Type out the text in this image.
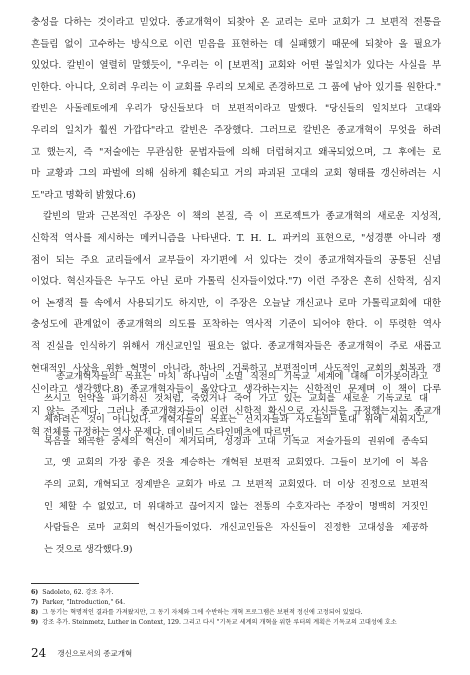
충성을 다하는 것이라고 믿었다. 종교개혁이 되찾아 온 교리는 로마 교회가 그 보편적 전통을
흔들림 없이 고수하는 방식으로 이런 믿음을 표현하는 데 실패했기 때문에 되찾아 올 필요가
있었다. 칼빈이 열렬히 말했듯이, "우리는 이 [보편적] 교회와 어떤 불일치가 있다는 사실을 부
인한다. 아니다, 오히려 우리는 이 교회를 우리의 모체로 존경하므로 그 품에 남아 있기를 원한다."
칼빈은 사돌레토에게 우리가 당신들보다 더 보편적이라고 말했다. "당신들의 일치보다 고대와
우리의 일치가 훨씬 가깝다"라고 칼빈은 주장했다. 그러므로 칼빈은 종교개혁이 무엇을 하려
고 했는지, 즉 "저술에는 무관심한 문법자들에 의해 더럽혀지고 왜곡되었으며, 그 후에는 로
마 교황과 그의 파벌에 의해 심하게 훼손되고 거의 파괴된 고대의 교회 형태를 갱신하려는 시
도"라고 명확히 밝혔다.6)
칼빈의 말과 근본적인 주장은 이 책의 본질, 즉 이 프로젝트가 종교개혁의 새로운 지성적,
신학적 역사를 제시하는 메커니즘을 나타낸다. T. H. L. 파커의 표현으로, "성경뿐 아니라 쟁
점이 되는 주요 교리들에서 교부들이 자기편에 서 있다는 것이 종교개혁자들의 공통된 신념
이었다. 혁신자들은 누구도 아닌 로마 가톨릭 신자들이었다."7) 이런 주장은 흔히 신학적, 심지
어 논쟁적 틀 속에서 사용되기도 하지만, 이 주장은 오늘날 개신교나 로마 가톨릭교회에 대한
충성도에 관계없이 종교개혁의 의도를 포착하는 역사적 기준이 되어야 한다. 이 뚜렷한 역사
적 진실을 인식하기 위해서 개신교인일 필요는 없다. 종교개혁자들은 종교개혁이 주로 새롭고
현대적인 사상을 위한 혁명이 아니라, 하나의 거룩하고 보편적이며 사도적인 교회의 회복과 갱
신이라고 생각했다.8) 종교개혁자들이 옳았다고 생각하는지는 신학적인 문제며 이 책이 다루
지 않는 주제다. 그러나 종교개혁자들이 이런 신학적 확신으로 자신들을 규정했는지는 종교개
혁 전체를 규정하는 역사 문제다. 데이비드 스타인메츠에 따르면,
종교개혁자들의 목표는 마치 하나님이 소멸 직전의 기독교 세계에 대해 이가봇이라고
쓰시고 언약을 파기하신 것처럼, 죽었거나 죽어 가고 있는 교회를 새로운 기독교로 대
체하려는 것이 아니었다. 개혁자들의 목표는 선지자들과 사도들의 토대 위에 세워지고,
복음을 왜곡한 중세의 혁신이 제거되며, 성경과 고대 기독교 저술가들의 권위에 종속되
고, 옛 교회의 가장 좋은 것을 계승하는 개혁된 보편적 교회였다. 그들이 보기에 이 복음
주의 교회, 개혁되고 징계받은 교회가 바로 그 보편적 교회였다. 더 이상 진정으로 보편적
인 체할 수 없었고, 더 위대하고 끊어지지 않는 전통의 수호자라는 주장이 명백히 거짓인
사람들은 로마 교회의 혁신가들이었다. 개신교인들은 자신들이 진정한 고대성을 제공하
는 것으로 생각했다.9)
6) Sadoleto, 62. 강조 추가.
7) Parker, "Introduction," 64.
8) 그 동기는 혁명적인 결과를 가져왔지만, 그 동기 자체와 그에 수반하는 개혁 프로그램은 보편적 정신에 고정되어 있었다.
9) 강조 추가. Steinmetz, Luther in Context, 129. 그리고 다시 "기독교 세계의 개혁을 위한 루터의 계획은 기독교의 고대성에 호소
24 갱신으로서의 종교개혁
